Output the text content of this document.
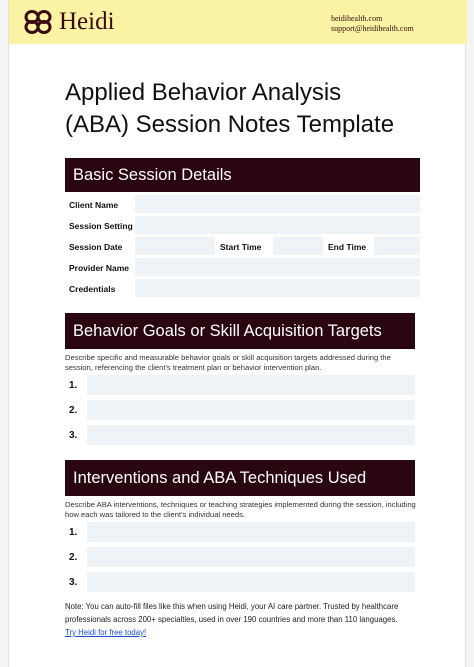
Heidi	heidihealth.com
support@heidihealth.com
Applied Behavior Analysis
(ABA) Session Notes Template
Basic Session Details
Client Name
Session Setting
Session Date	Start Time	End Time
Provider Name
Credentials
Behavior Goals or Skill Acquisition Targets
Describe specific and measurable behavior goals or skill acquisition targets addressed during the session, referencing the client's treatment plan or behavior intervention plan.
1.
2.
3.
Interventions and ABA Techniques Used
Describe ABA interventions, techniques or teaching strategies implemented during the session, including how each was tailored to the client's individual needs.
1.
2.
3.
Note: You can auto-fill files like this when using Heidi, your AI care partner. Trusted by healthcare professionals across 200+ specialties, used in over 190 countries and more than 110 languages.
Try Heidi for free today!
